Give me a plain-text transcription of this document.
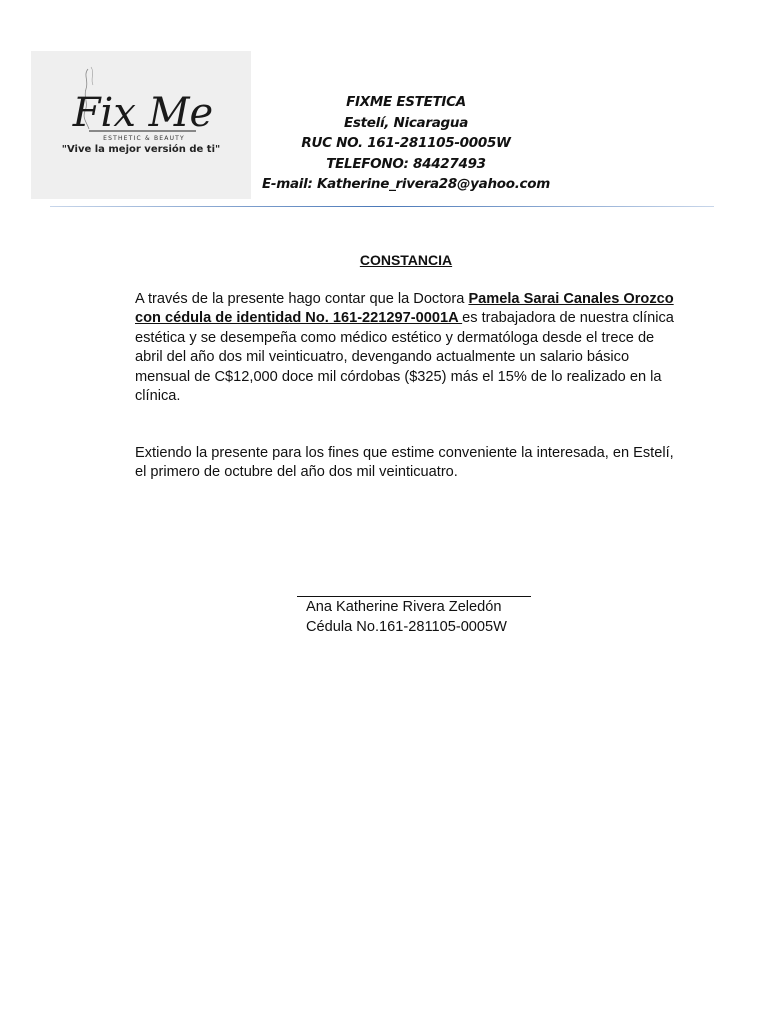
Fix Me
ESTHETIC & BEAUTY
"Vive la mejor versión de ti"
FIXME ESTETICA
Estelí, Nicaragua
RUC NO. 161-281105-0005W
TELEFONO: 84427493
E-mail: Katherine_rivera28@yahoo.com
CONSTANCIA
A través de la presente hago contar que la Doctora Pamela Sarai Canales Orozco con cédula de identidad No. 161-221297-0001A es trabajadora de nuestra clínica estética y se desempeña como médico estético y dermatóloga desde el trece de abril del año dos mil veinticuatro, devengando actualmente un salario básico mensual de C$12,000 doce mil córdobas ($325) más el 15% de lo realizado en la clínica.
Extiendo la presente para los fines que estime conveniente la interesada, en Estelí, el primero de octubre del año dos mil veinticuatro.
Ana Katherine Rivera Zeledón
Cédula No.161-281105-0005W
